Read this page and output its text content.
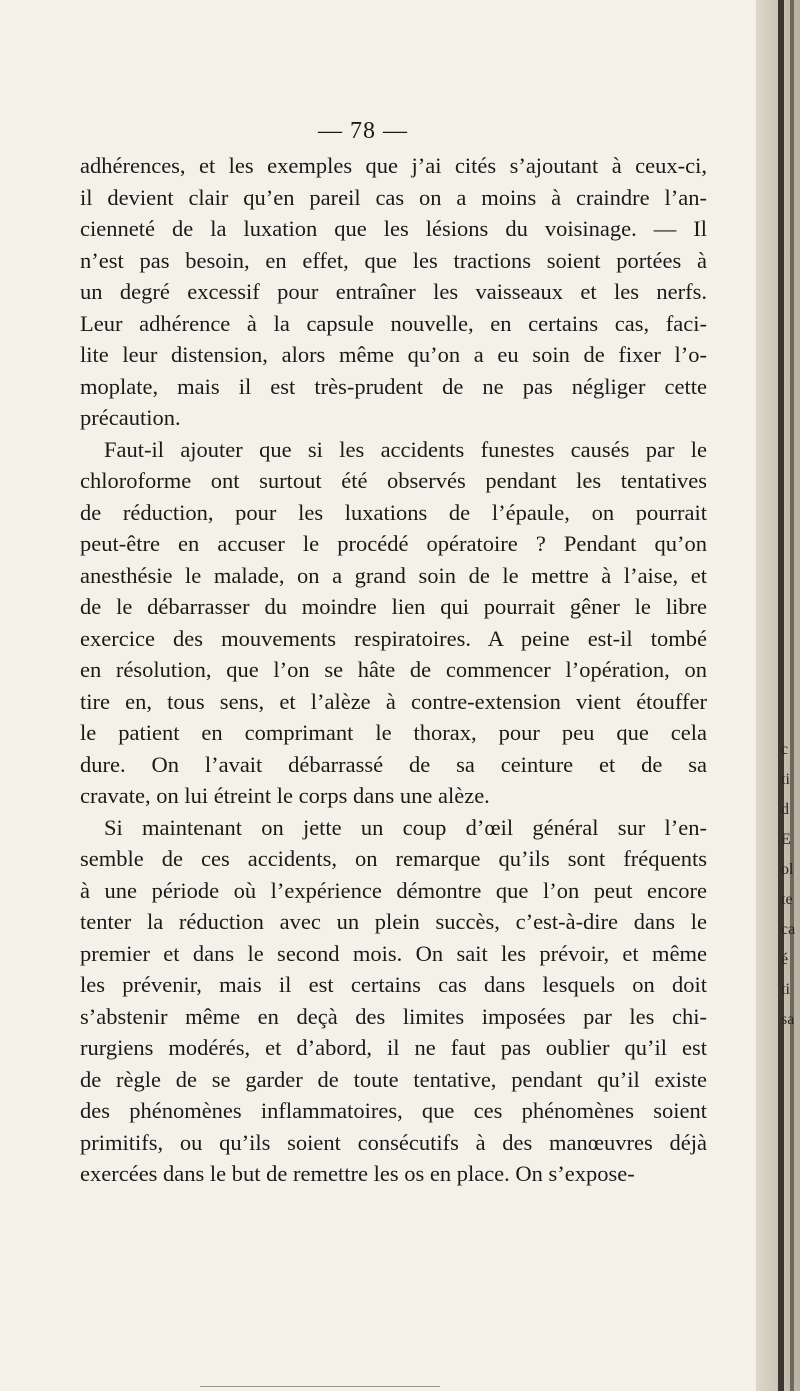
— 78 —
adhérences, et les exemples que j’ai cités s’ajoutant à ceux-ci,
il devient clair qu’en pareil cas on a moins à craindre l’an-
cienneté de la luxation que les lésions du voisinage. — Il
n’est pas besoin, en effet, que les tractions soient portées à
un degré excessif pour entraîner les vaisseaux et les nerfs.
Leur adhérence à la capsule nouvelle, en certains cas, faci-
lite leur distension, alors même qu’on a eu soin de fixer l’o-
moplate, mais il est très-prudent de ne pas négliger cette
précaution.
Faut-il ajouter que si les accidents funestes causés par le
chloroforme ont surtout été observés pendant les tentatives
de réduction, pour les luxations de l’épaule, on pourrait
peut-être en accuser le procédé opératoire ? Pendant qu’on
anesthésie le malade, on a grand soin de le mettre à l’aise, et
de le débarrasser du moindre lien qui pourrait gêner le libre
exercice des mouvements respiratoires. A peine est-il tombé
en résolution, que l’on se hâte de commencer l’opération, on
tire en, tous sens, et l’alèze à contre-extension vient étouffer
le patient en comprimant le thorax, pour peu que cela
dure. On l’avait débarrassé de sa ceinture et de sa
cravate, on lui étreint le corps dans une alèze.
Si maintenant on jette un coup d’œil général sur l’en-
semble de ces accidents, on remarque qu’ils sont fréquents
à une période où l’expérience démontre que l’on peut encore
tenter la réduction avec un plein succès, c’est-à-dire dans le
premier et dans le second mois. On sait les prévoir, et même
les prévenir, mais il est certains cas dans lesquels on doit
s’abstenir même en deçà des limites imposées par les chi-
rurgiens modérés, et d’abord, il ne faut pas oublier qu’il est
de règle de se garder de toute tentative, pendant qu’il existe
des phénomènes inflammatoires, que ces phénomènes soient
primitifs, ou qu’ils soient consécutifs à des manœuvres déjà
exercées dans le but de remettre les os en place. On s’expose-
c
ti
d
E
ol
te
ca
é
ti
sa
